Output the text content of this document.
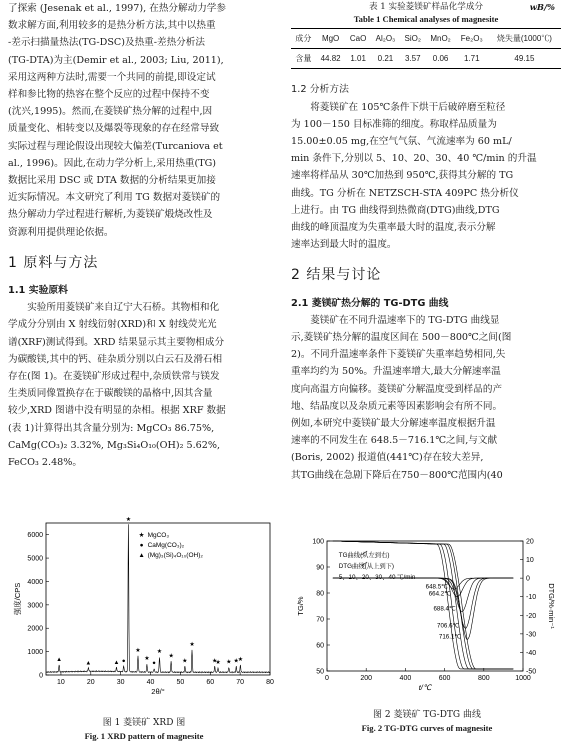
了探索 (Jesenak et al., 1997), 在热分解动力学参

数求解方面,利用较多的是热分析方法,其中以热重

-差示扫描量热法(TG-DSC)及热重-差热分析法

(TG-DTA)为主(Demir et al., 2003; Liu, 2011),

采用这两种方法时,需要一个共同的前提,即设定试

样和参比物的热容在整个反应的过程中保持不变

(沈兴,1995)。然而,在菱镁矿热分解的过程中,因

质量变化、相转变以及爆裂等现象的存在经常导致

实际过程与理论假设出现较大偏差(Turcaniova et

al., 1996)。因此,在动力学分析上,采用热重(TG)

数据比采用 DSC 或 DTA 数据的分析结果更加接

近实际情况。本文研究了利用 TG 数据对菱镁矿的

热分解动力学过程进行解析,为菱镁矿煅烧改性及

资源利用提供理论依据。

1 原料与方法
1.1 实验原料

实验所用菱镁矿来自辽宁大石桥。其物相和化

学成分分别由 X 射线衍射(XRD)和 X 射线荧光光

谱(XRF)测试得到。XRD 结果显示其主要物相成分

为碳酸镁,其中的钙、硅杂质分别以白云石及滑石相

存在(图 1)。在菱镁矿形成过程中,杂质铁常与镁发

生类质同像置换存在于碳酸镁的晶格中,因其含量

较少,XRD 图谱中没有明显的杂相。根据 XRF 数据

(表 1)计算得出其含量分别为: MgCO₃ 86.75%,

CaMg(CO₃)₂ 3.32%, Mg₃Si₄O₁₀(OH)₂ 5.62%,

FeCO₃ 2.48%。

0
1000
2000
3000
4000
5000
6000
10	20	30	40	50	60	70	80
强度/CPS
2θ/°
★
★
★
★
★
★
★
★
★ ★ ★
★
▲
▲	▲ ●	●
★ MgCO₃
● CaMg(CO₃)₂
▲ (Mg)₃(Si)₄O₁₀(OH)₂
图 1 菱镁矿 XRD 图
Fig. 1 XRD pattern of magnesite
表 1 实验菱镁矿样品化学成分	wB/%
Table 1 Chemical analyses of magnesite
成分	MgO	CaO	Al₂O₃	SiO₂	MnO₂	Fe₂O₃	烧失量(1000℃)
含量	44.82	1.01	0.21	3.57	0.06	1.71	49.15
1.2 分析方法

将菱镁矿在 105℃条件下烘干后破碎磨至粒径

为 100－150 目标准筛的细度。称取样品质量为

15.00±0.05 mg,在空气气氛、气流速率为 60 mL/

min 条件下,分别以 5、10、20、30、40 ℃/min 的升温

速率将样品从 30℃加热到 950℃,获得其分解的 TG

曲线。TG 分析在 NETZSCH-STA 409PC 热分析仪

上进行。由 TG 曲线得到热微商(DTG)曲线,DTG

曲线的峰顶温度为失重率最大时的温度,表示分解

速率达到最大时的温度。

2 结果与讨论
2.1 菱镁矿热分解的 TG-DTG 曲线

菱镁矿在不同升温速率下的 TG-DTG 曲线显

示,菱镁矿热分解的温度区间在 500－800℃之间(图

2)。不同升温速率条件下菱镁矿失重率趋势相同,失

重率均约为 50%。升温速率增大,最大分解速率温

度向高温方向偏移。菱镁矿分解温度受到样品的产

地、结晶度以及杂质元素等因素影响会有所不同。

例如,本研究中菱镁矿最大分解速率温度根据升温

速率的不同发生在 648.5－716.1℃之间,与文献

(Boris, 2002) 报道值(441℃)存在较大差异,

其TG曲线在急剧下降后在750－800℃范围内(40

50
60
70
80
90
100
-50
-40
-30
-20
-10
0
10
20
0	200	400	600	800	1000
TG/%	DTG/%·min⁻¹
t/℃
648.5℃
664.2℃
688.4℃
706.6℃
716.1℃
TG曲线(从左到右)
DTG曲线(从上到下)
5、10、20、30、40 ℃/min
图 2 菱镁矿 TG-DTG 曲线
Fig. 2 TG-DTG curves of magnesite
